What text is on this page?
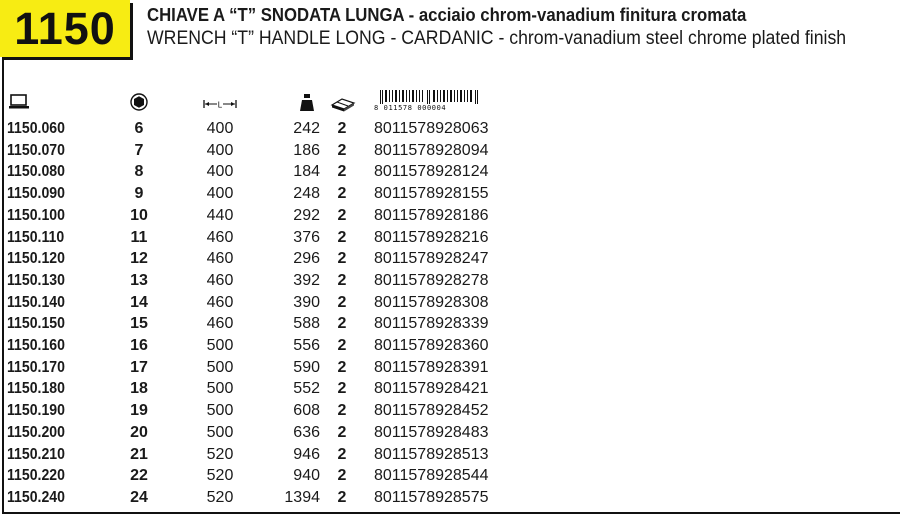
1150 CHIAVE A “T” SNODATA LUNGA - acciaio chrom-vanadium finitura cromata
WRENCH “T” HANDLE LONG - CARDANIC - chrom-vanadium steel chrome plated finish
L	8 011578 000004
1150.060	6	400	242 2 8011578928063
1150.070	7	400	186 2 8011578928094
1150.080	8	400	184 2 8011578928124
1150.090	9	400	248 2 8011578928155
1150.100	10	440	292 2 8011578928186
1150.110	11	460	376 2 8011578928216
1150.120	12	460	296 2 8011578928247
1150.130	13	460	392 2 8011578928278
1150.140	14	460	390 2 8011578928308
1150.150	15	460	588 2 8011578928339
1150.160	16	500	556 2 8011578928360
1150.170	17	500	590 2 8011578928391
1150.180	18	500	552 2 8011578928421
1150.190	19	500	608 2 8011578928452
1150.200	20	500	636 2 8011578928483
1150.210	21	520	946 2 8011578928513
1150.220	22	520	940 2 8011578928544
1150.240	24	520	1394 2 8011578928575
